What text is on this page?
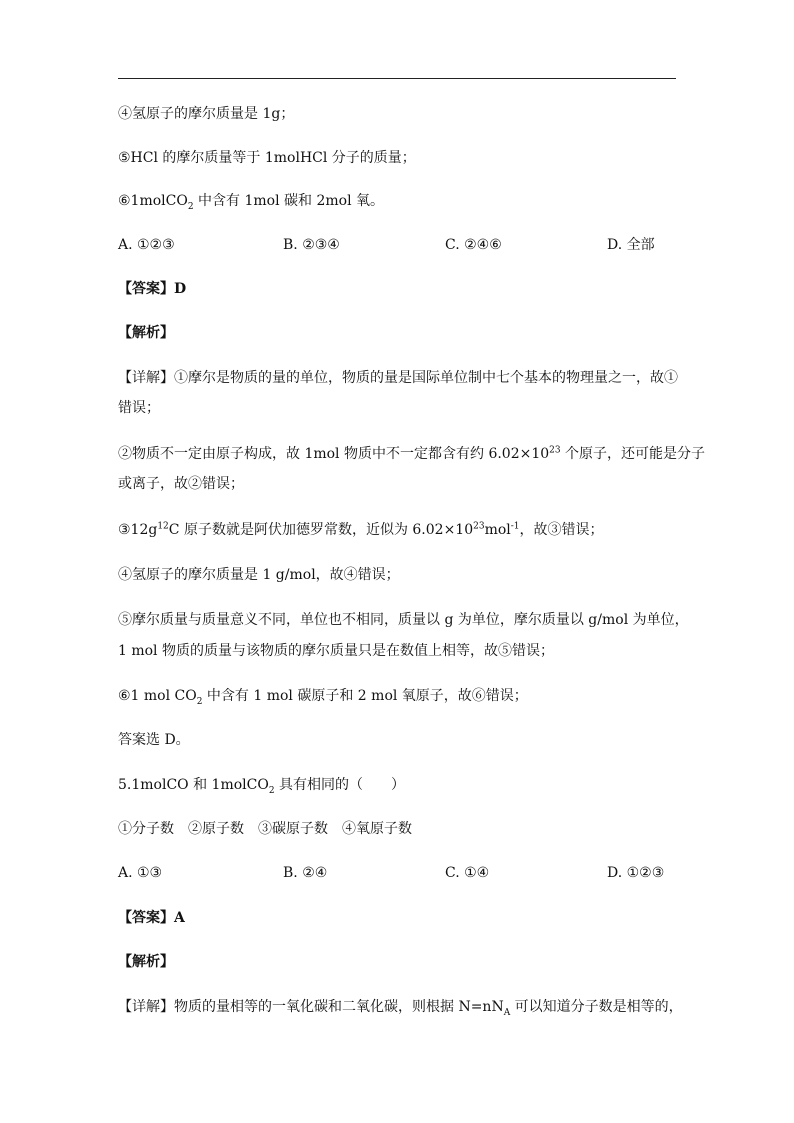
④氢原子的摩尔质量是 1g；
⑤HCl 的摩尔质量等于 1molHCl 分子的质量；
⑥1molCO$_2$ 中含有 1mol 碳和 2mol 氧。
A. ①②③	B. ②③④	C. ②④⑥	D. 全部
【答案】D
【解析】
【详解】①摩尔是物质的量的单位，物质的量是国际单位制中七个基本的物理量之一，故①
错误；
②物质不一定由原子构成，故 1mol 物质中不一定都含有约 $6.02\times 10^{23}$ 个原子，还可能是分子
或离子，故②错误；
$③12g^{12}C$ 原子数就是阿伏加德罗常数，近似为 $6.02\times 10^{23}mol^{-1}$，故③错误；
④氢原子的摩尔质量是 1 g/mol，故④错误；
⑤摩尔质量与质量意义不同，单位也不相同，质量以 g 为单位，摩尔质量以 g/mol 为单位，
1 mol 物质的质量与该物质的摩尔质量只是在数值上相等，故⑤错误；
⑥1 mol $CO_2$ 中含有 1 mol 碳原子和 2 mol 氧原子，故⑥错误；
答案选 D。
5.1molCO 和 1molCO$_2$ 具有相同的（　　）
①分子数　②原子数　③碳原子数　④氧原子数
A. ①③	B. ②④	C. ①④	D. ①②③
【答案】A
【解析】
【详解】物质的量相等的一氧化碳和二氧化碳，则根据 $N=nN_A$ 可以知道分子数是相等的，
